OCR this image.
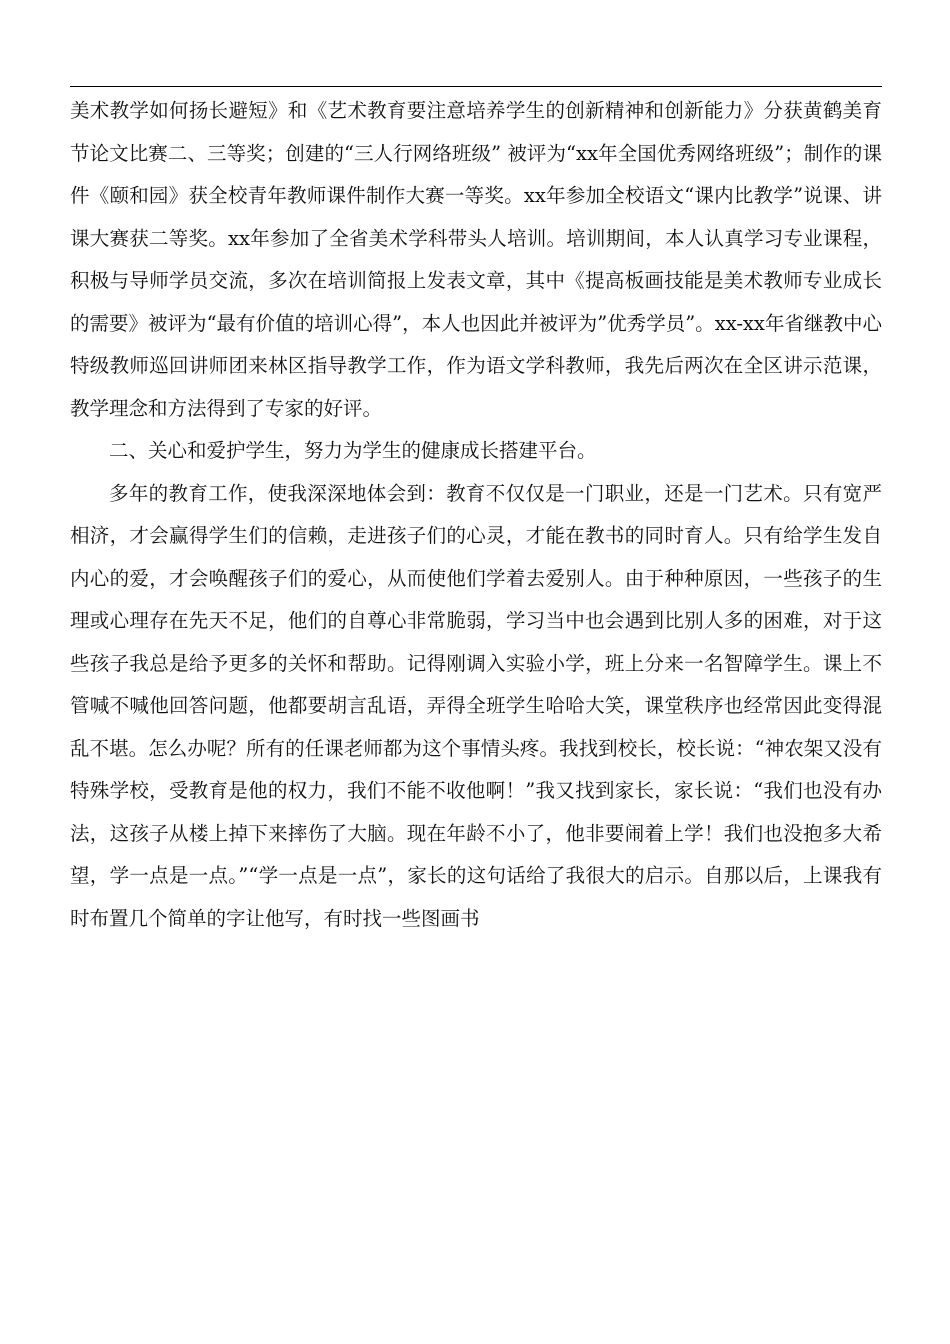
美术教学如何扬长避短》和《艺术教育要注意培养学生的创新精神和创新能力》分获黄鹤美育节论文比赛二、三等奖；创建的“三人行网络班级” 被评为“xx年全国优秀网络班级”；制作的课件《颐和园》获全校青年教师课件制作大赛一等奖。xx年参加全校语文“课内比教学”说课、讲课大赛获二等奖。xx年参加了全省美术学科带头人培训。培训期间，本人认真学习专业课程，积极与导师学员交流，多次在培训简报上发表文章，其中《提高板画技能是美术教师专业成长的需要》被评为“最有价值的培训心得”，本人也因此并被评为”优秀学员”。xx-xx年省继教中心特级教师巡回讲师团来林区指导教学工作，作为语文学科教师，我先后两次在全区讲示范课，教学理念和方法得到了专家的好评。

二、关心和爱护学生，努力为学生的健康成长搭建平台。

多年的教育工作，使我深深地体会到：教育不仅仅是一门职业，还是一门艺术。只有宽严相济，才会赢得学生们的信赖，走进孩子们的心灵，才能在教书的同时育人。只有给学生发自内心的爱，才会唤醒孩子们的爱心，从而使他们学着去爱别人。由于种种原因，一些孩子的生理或心理存在先天不足，他们的自尊心非常脆弱，学习当中也会遇到比别人多的困难，对于这些孩子我总是给予更多的关怀和帮助。记得刚调入实验小学，班上分来一名智障学生。课上不管喊不喊他回答问题，他都要胡言乱语，弄得全班学生哈哈大笑，课堂秩序也经常因此变得混乱不堪。怎么办呢？所有的任课老师都为这个事情头疼。我找到校长，校长说：“神农架又没有特殊学校，受教育是他的权力，我们不能不收他啊！”我又找到家长，家长说：“我们也没有办法，这孩子从楼上掉下来摔伤了大脑。现在年龄不小了，他非要闹着上学！我们也没抱多大希望，学一点是一点。”“学一点是一点”，家长的这句话给了我很大的启示。自那以后，上课我有时布置几个简单的字让他写，有时找一些图画书
